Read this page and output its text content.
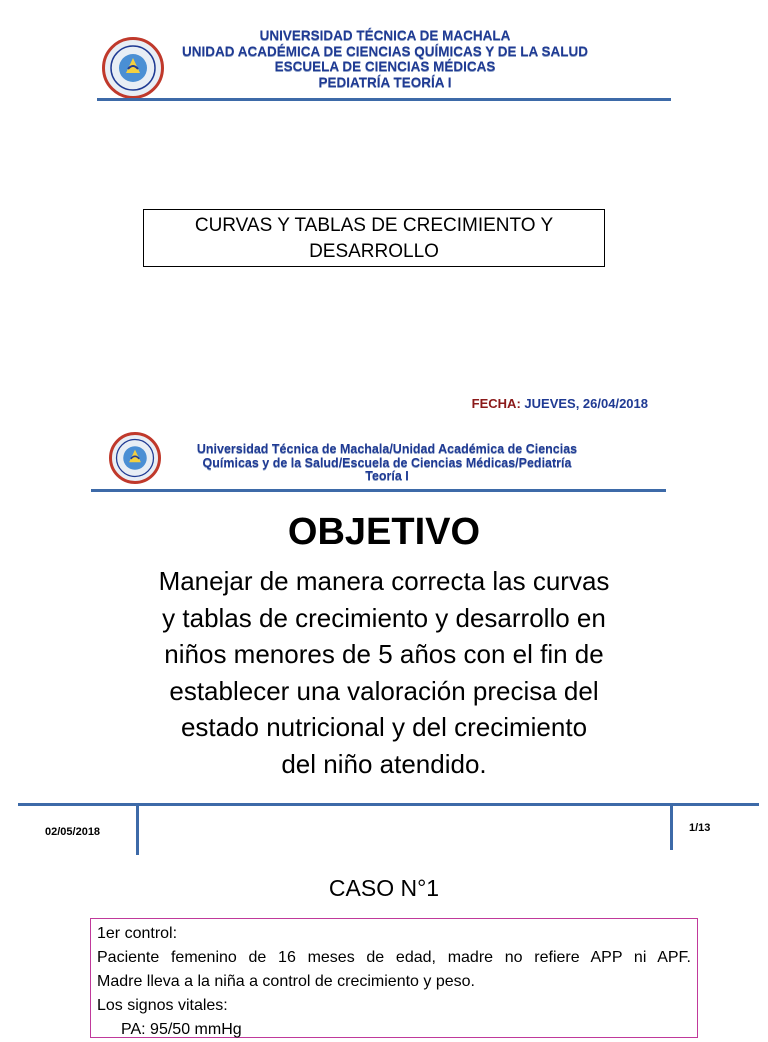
UNIVERSIDAD TÉCNICA DE MACHALA
UNIDAD ACADÉMICA DE CIENCIAS QUÍMICAS Y DE LA SALUD
ESCUELA DE CIENCIAS MÉDICAS
PEDIATRÍA TEORÍA I
CURVAS Y TABLAS DE CRECIMIENTO Y
DESARROLLO
FECHA: JUEVES, 26/04/2018
Universidad Técnica de Machala/Unidad Académica de Ciencias
Químicas y de la Salud/Escuela de Ciencias Médicas/Pediatría
Teoría I
OBJETIVO
Manejar de manera correcta las curvas
y tablas de crecimiento y desarrollo en
niños menores de 5 años con el fin de
establecer una valoración precisa del
estado nutricional y del crecimiento
del niño atendido.
02/05/2018	1/13
CASO N°1
1er control:
Paciente femenino de 16 meses de edad, madre no refiere APP ni APF.
Madre lleva a la niña a control de crecimiento y peso.
Los signos vitales:
PA: 95/50 mmHg
